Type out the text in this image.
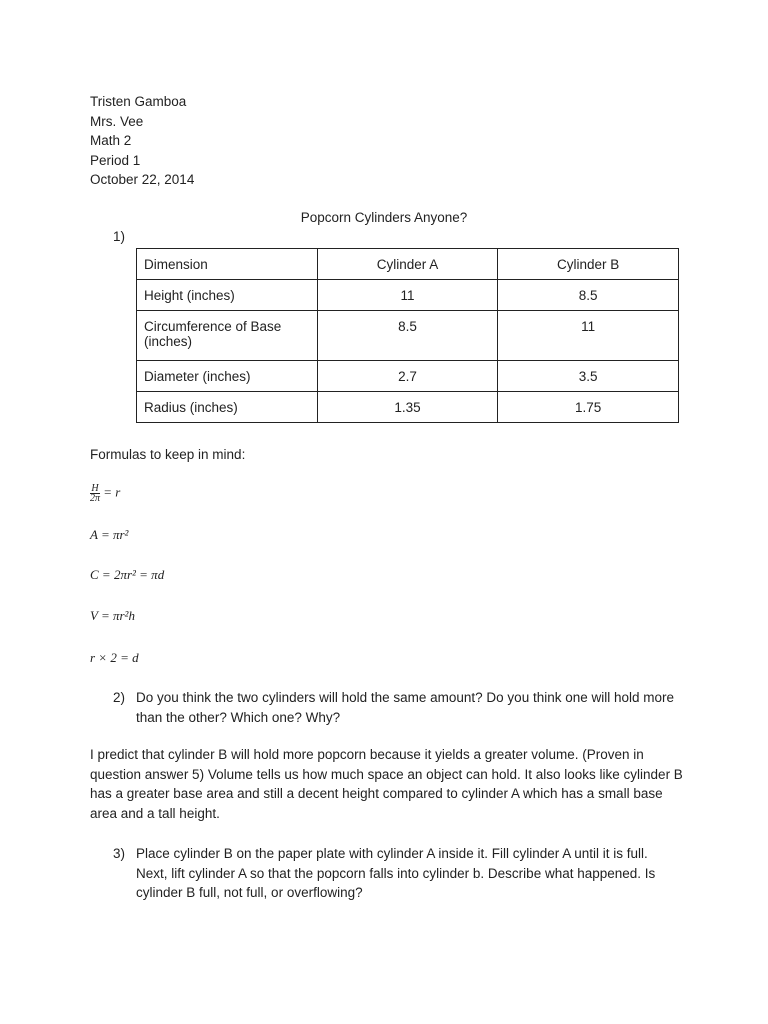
Tristen Gamboa
Mrs. Vee
Math 2
Period 1
October 22, 2014
Popcorn Cylinders Anyone?
1)
Dimension	Cylinder A	Cylinder B
Height (inches)	11	8.5
Circumference of Base (inches)	8.5	11
Diameter (inches)	2.7	3.5
Radius (inches)	1.35	1.75
Formulas to keep in mind:
$\frac{H}{2\pi} = r$
A = πr²
C = 2πr² = πd
V = πr²h
r × 2 = d
2) Do you think the two cylinders will hold the same amount? Do you think one will hold more than the other? Which one? Why?
I predict that cylinder B will hold more popcorn because it yields a greater volume. (Proven in question answer 5) Volume tells us how much space an object can hold. It also looks like cylinder B has a greater base area and still a decent height compared to cylinder A which has a small base area and a tall height.
3) Place cylinder B on the paper plate with cylinder A inside it. Fill cylinder A until it is full. Next, lift cylinder A so that the popcorn falls into cylinder b. Describe what happened. Is cylinder B full, not full, or overflowing?
